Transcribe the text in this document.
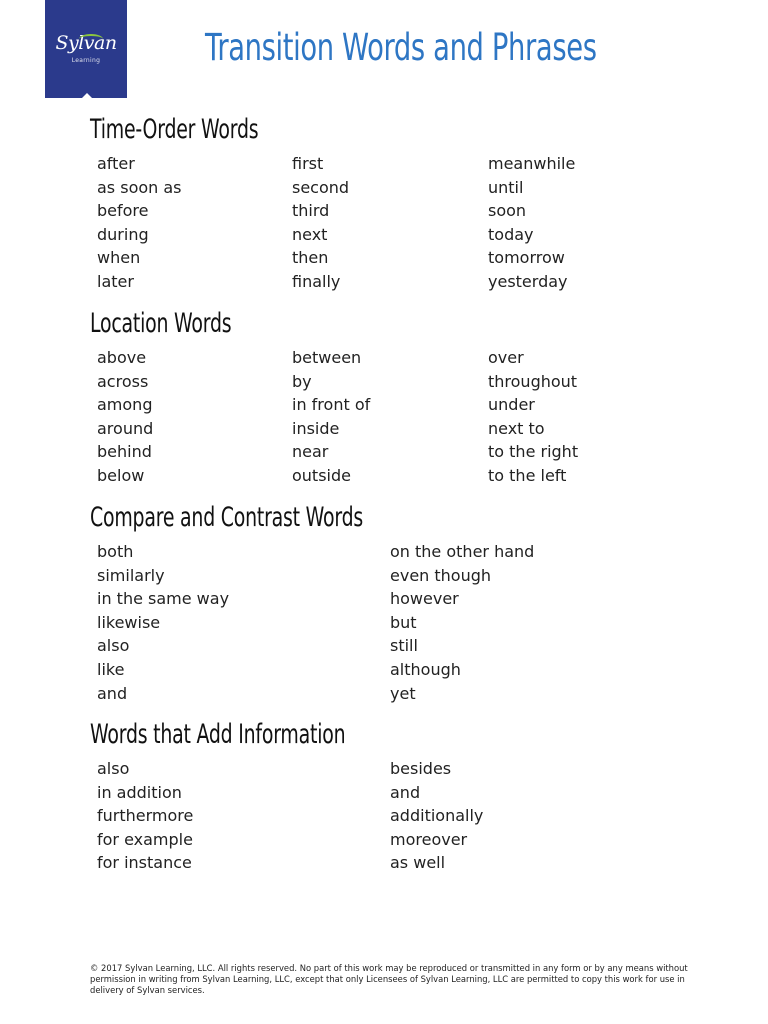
Sylvan
Learning	Transition Words and Phrases
Time-Order Words
after
as soon as
before
during
when
later
first
second
third
next
then
finally
meanwhile
until
soon
today
tomorrow
yesterday
Location Words
above
across
among
around
behind
below
between
by
in front of
inside
near
outside
over
throughout
under
next to
to the right
to the left
Compare and Contrast Words
both
similarly
in the same way
likewise
also
like
and
on the other hand
even though
however
but
still
although
yet
Words that Add Information
also
in addition
furthermore
for example
for instance
besides
and
additionally
moreover
as well

© 2017 Sylvan Learning, LLC. All rights reserved. No part of this work may be reproduced or transmitted in any form or by any means without permission in writing from Sylvan Learning, LLC, except that only Licensees of Sylvan Learning, LLC are permitted to copy this work for use in delivery of Sylvan services.
